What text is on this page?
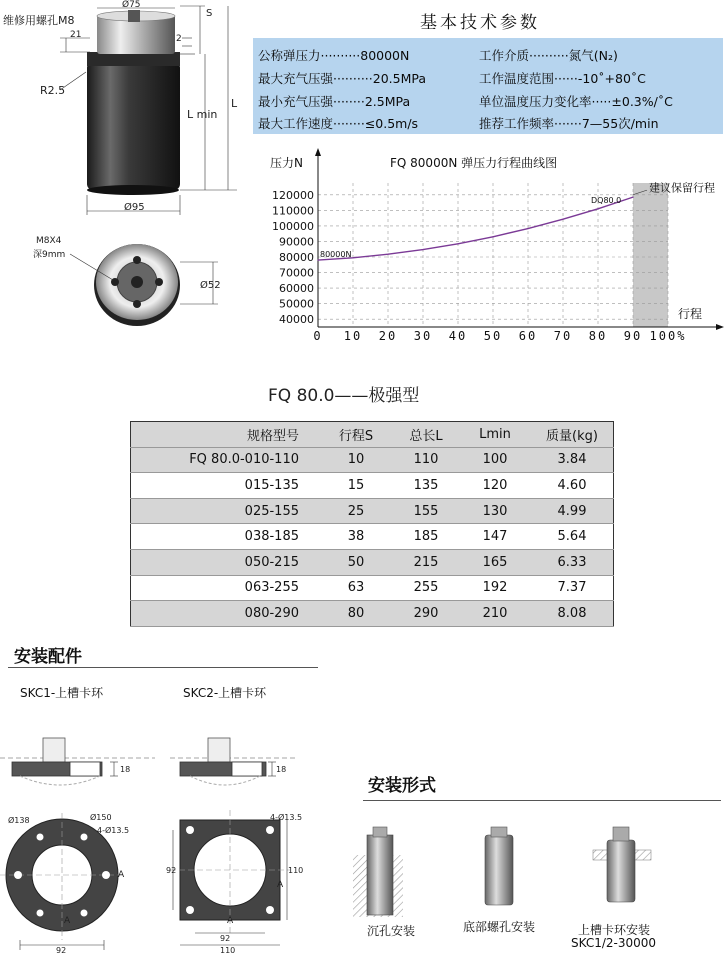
维修用螺孔M8
Ø75
S
21	2
R2.5
L min
L
Ø95
M8X4
深9mm
Ø52
基本技术参数
公称弹压力··········80000N	工作介质··········氮气(N₂)
最大充气压强··········20.5MPa	工作温度范围······-10˚+80˚C
最小充气压强········2.5MPa	单位温度压力变化率·····±0.3%/˚C
最大工作速度········≤0.5m/s	推荐工作频率·······7—55次/min
120000
110000
100000
90000
80000
70000
60000
50000
40000
0 10 20 30 40 50 60 70 80 90 100%
压力N
行程
FQ 80000N 弹压力行程曲线图
80000N
DQ80.0
建议保留行程
FQ 80.0——极强型
规格型号	行程S	总长L	Lmin	质量(kg)
FQ 80.0-010-110	10	110	100	3.84
015-135	15	135	120	4.60
025-155	25	155	130	4.99
038-185	38	185	147	5.64
050-215	50	215	165	6.33
063-255	63	255	192	7.37
080-290	80	290	210	8.08
安装配件
SKC1-上槽卡环	SKC2-上槽卡环
18	18
Ø138	Ø150
4-Ø13.5
A
A
92
4-Ø13.5
92	110
A
A
92
110
安装形式
沉孔安装	底部螺孔安装	上槽卡环安装
SKC1/2-30000
